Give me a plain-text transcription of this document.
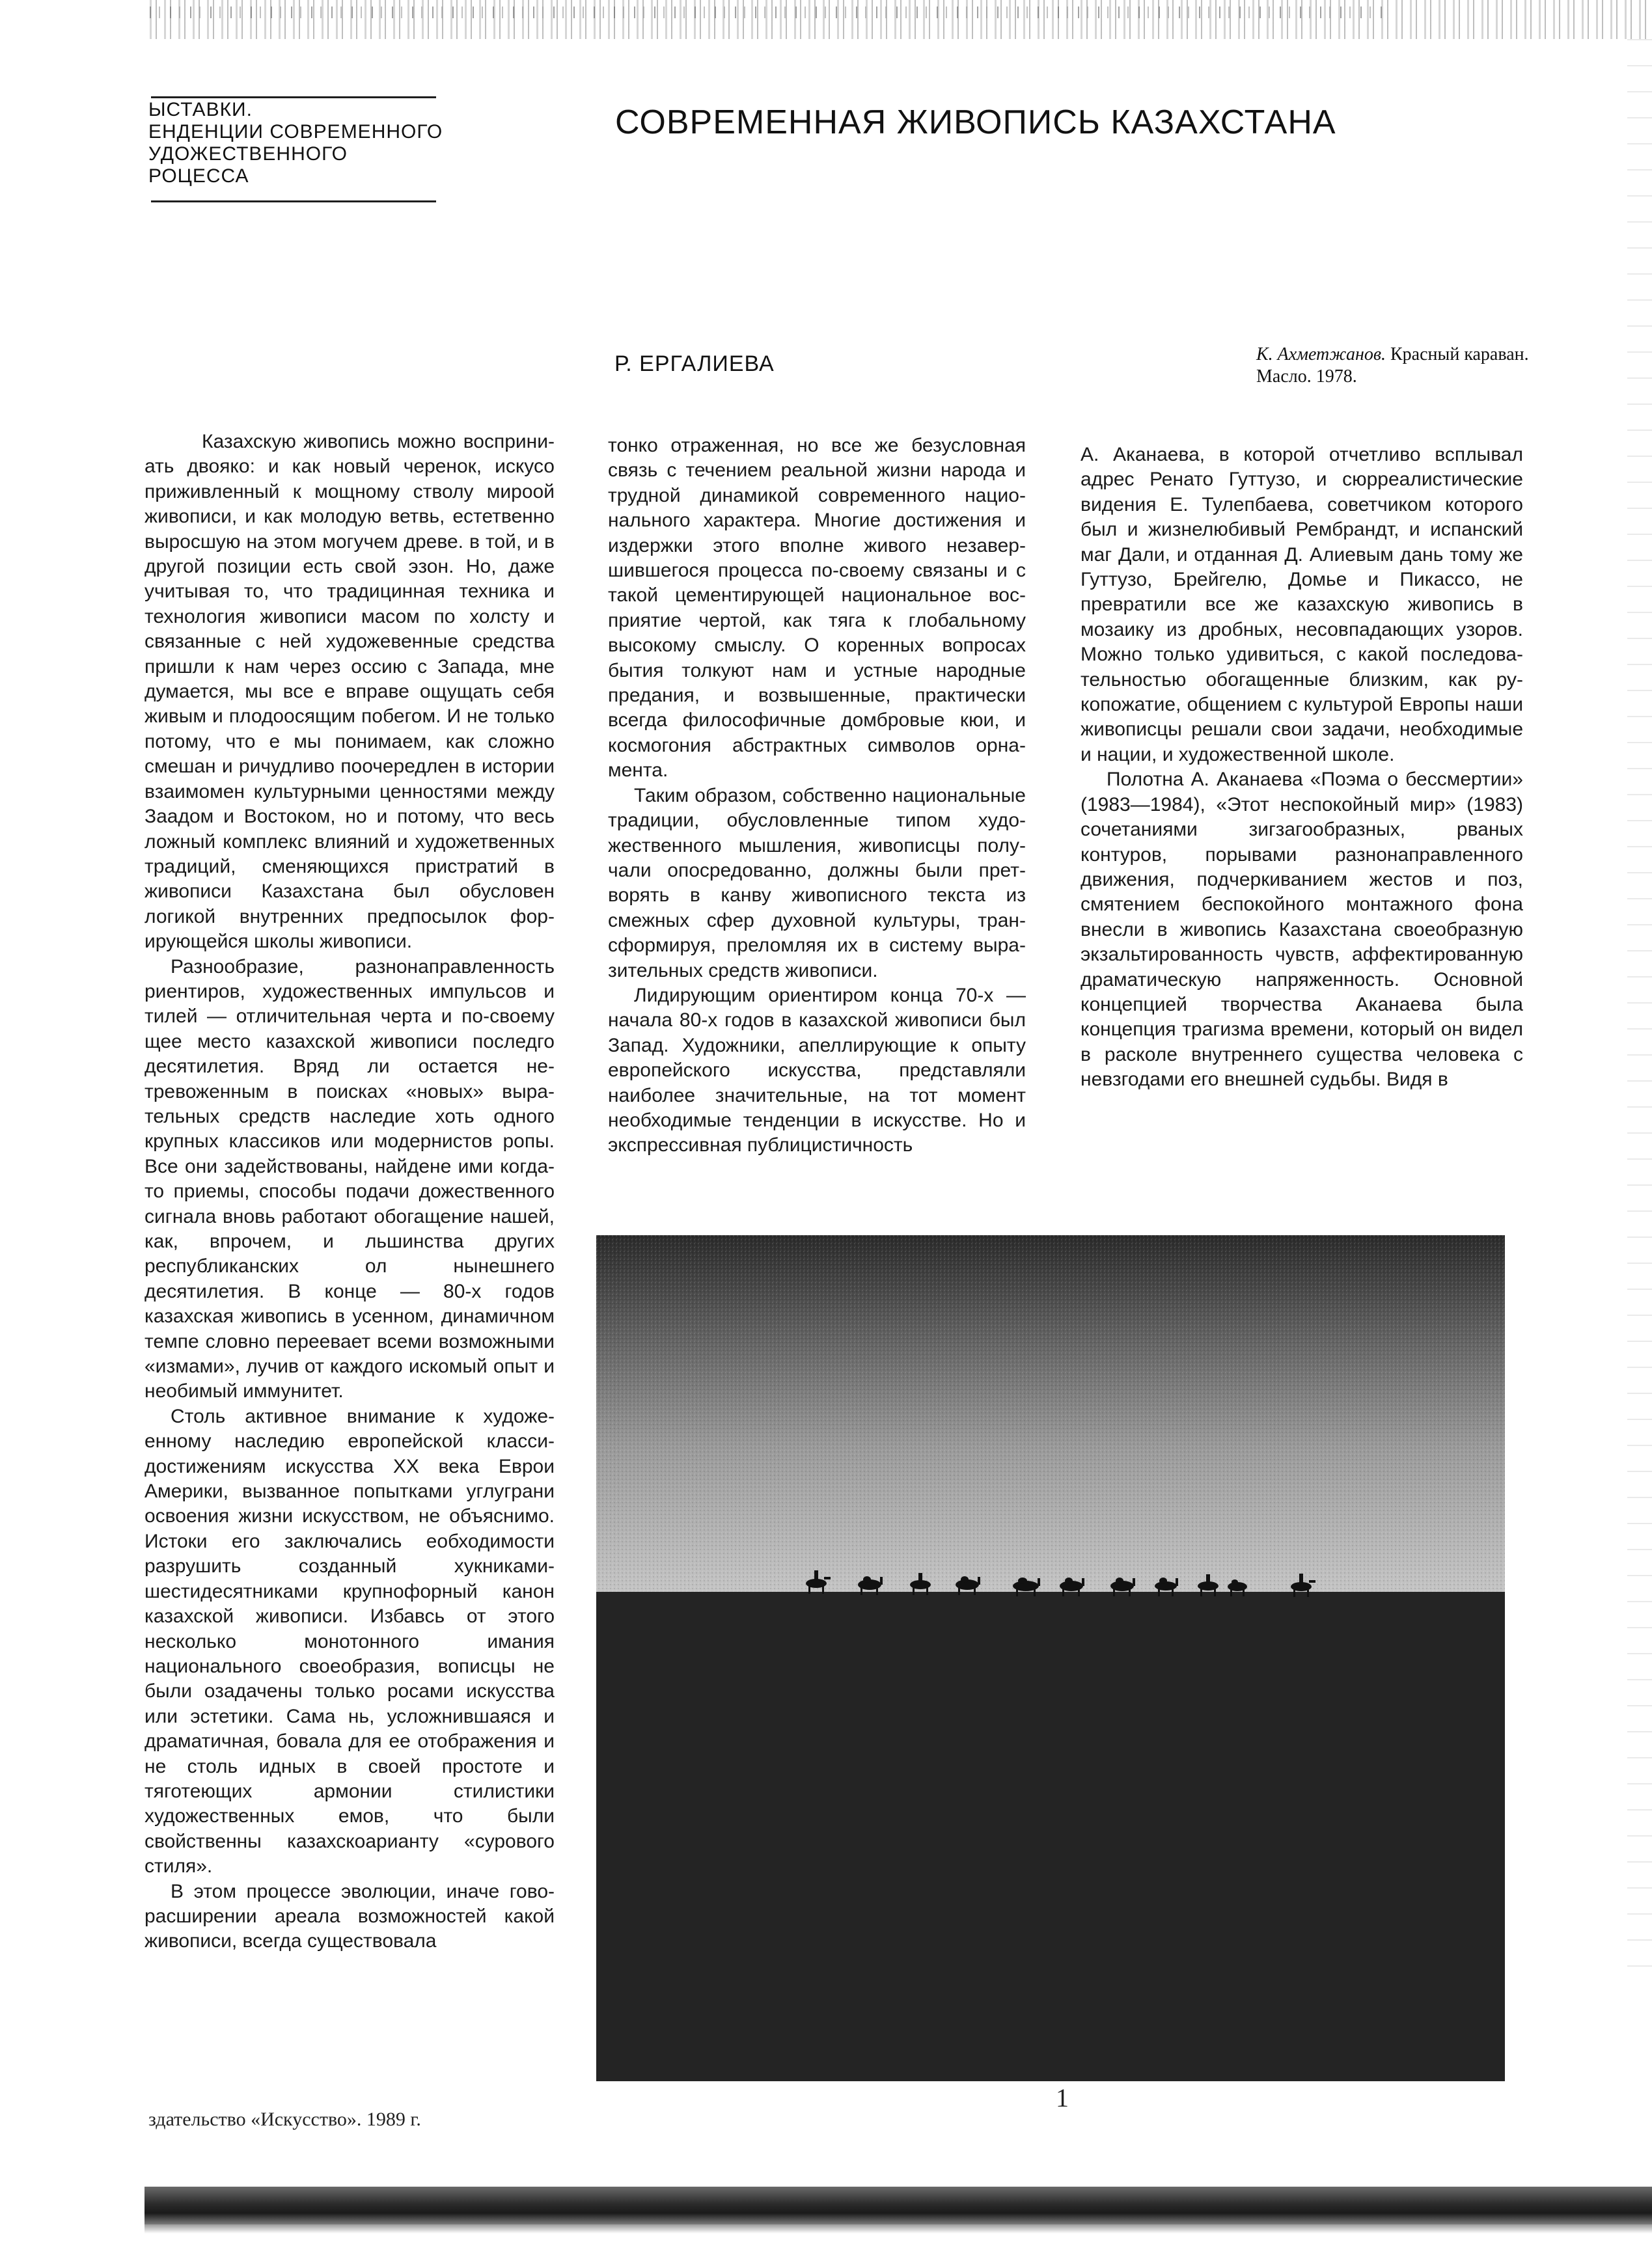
ЫСТАВКИ.
ЕНДЕНЦИИ СОВРЕМЕННОГО
УДОЖЕСТВЕННОГО
РОЦЕССА
СОВРЕМЕННАЯ ЖИВОПИСЬ КАЗАХСТАНА
Р. ЕРГАЛИЕВА	К. Ахметжанов. Красный караван. Масло. 1978.

Казахскую живопись можно восприниать двояко: и как новый черенок, искусо приживленный к мощному стволу мироой живописи, и как молодую ветвь, естетвенно выросшую на этом могучем древе. в той, и в другой позиции есть свой эзон. Но, даже учитывая то, что традицинная техника и технология живописи масом по холсту и связанные с ней художевенные средства пришли к нам через оссию с Запада, мне думается, мы все е вправе ощущать себя живым и плодоосящим побегом. И не только потому, что е мы понимаем, как сложно смешан и ричудливо поочередлен в истории взаимомен культурными ценностями между Заадом и Востоком, но и потому, что весь ложный комплекс влияний и художетвенных традиций, сменяющихся пристратий в живописи Казахстана был обусловен логикой внутренних предпосылок форирующейся школы живописи.

Разнообразие, разнонаправленность риентиров, художественных импульсов и тилей — отличительная черта и по-своему щее место казахской живописи последго десятилетия. Вряд ли остается нетревоженным в поисках «новых» вырательных средств наследие хоть одного крупных классиков или модернистов ропы. Все они задействованы, найдене ими когда-то приемы, способы подачи дожественного сигнала вновь работают обогащение нашей, как, впрочем, и льшинства других республиканских ол нынешнего десятилетия. В конце — 80-х годов казахская живопись в усенном, динамичном темпе словно переевает всеми возможными «измами», лучив от каждого искомый опыт и необимый иммунитет.

Столь активное внимание к художеенному наследию европейской классидостижениям искусства XX века Еврои Америки, вызванное попытками углуграни освоения жизни искусством, не объяснимо. Истоки его заключались еобходимости разрушить созданный хукниками-шестидесятниками крупнофорный канон казахской живописи. Избавсь от этого несколько монотонного имания национального своеобразия, вописцы не были озадачены только росами искусства или эстетики. Сама нь, усложнившаяся и драматичная, бовала для ее отображения и не столь идных в своей простоте и тяготеющих армонии стилистики художественных емов, что были свойственны казахскоарианту «сурового стиля».

В этом процессе эволюции, иначе говорасширении ареала возможностей какой живописи, всегда существовала

тонко отраженная, но все же безусловная связь с течением реальной жизни народа и трудной динамикой современного национального характера. Многие достижения и издержки этого вполне живого незавершившегося процесса по-своему связаны и с такой цементирующей национальное восприятие чертой, как тяга к глобальному высокому смыслу. О коренных вопросах бытия толкуют нам и устные народные предания, и возвышенные, практически всегда философичные домбровые кюи, и космогония абстрактных символов орнамента.

Таким образом, собственно национальные традиции, обусловленные типом художественного мышления, живописцы получали опосредованно, должны были претворять в канву живописного текста из смежных сфер духовной культуры, трансформируя, преломляя их в систему выразительных средств живописи.

Лидирующим ориентиром конца 70-х — начала 80-х годов в казахской живописи был Запад. Художники, апеллирующие к опыту европейского искусства, представляли наиболее значительные, на тот момент необходимые тенденции в искусстве. Но и экспрессивная публицистичность

А. Аканаева, в которой отчетливо всплывал адрес Ренато Гуттузо, и сюрреалистические видения Е. Тулепбаева, советчиком которого был и жизнелюбивый Рембрандт, и испанский маг Дали, и отданная Д. Алиевым дань тому же Гуттузо, Брейгелю, Домье и Пикассо, не превратили все же казахскую живопись в мозаику из дробных, несовпадающих узоров. Можно только удивиться, с какой последовательностью обогащенные близким, как рукопожатие, общением с культурой Европы наши живописцы решали свои задачи, необходимые и нации, и художественной школе.

Полотна А. Аканаева «Поэма о бессмертии» (1983—1984), «Этот неспокойный мир» (1983) сочетаниями зигзагообразных, рваных контуров, порывами разнонаправленного движения, подчеркиванием жестов и поз, смятением беспокойного монтажного фона внесли в живопись Казахстана своеобразную экзальтированность чувств, аффектированную драматическую напряженность. Основной концепцией творчества Аканаева была концепция трагизма времени, который он видел в расколе внутреннего существа человека с невзгодами его внешней судьбы. Видя в

здательство «Искусство». 1989 г.
1
